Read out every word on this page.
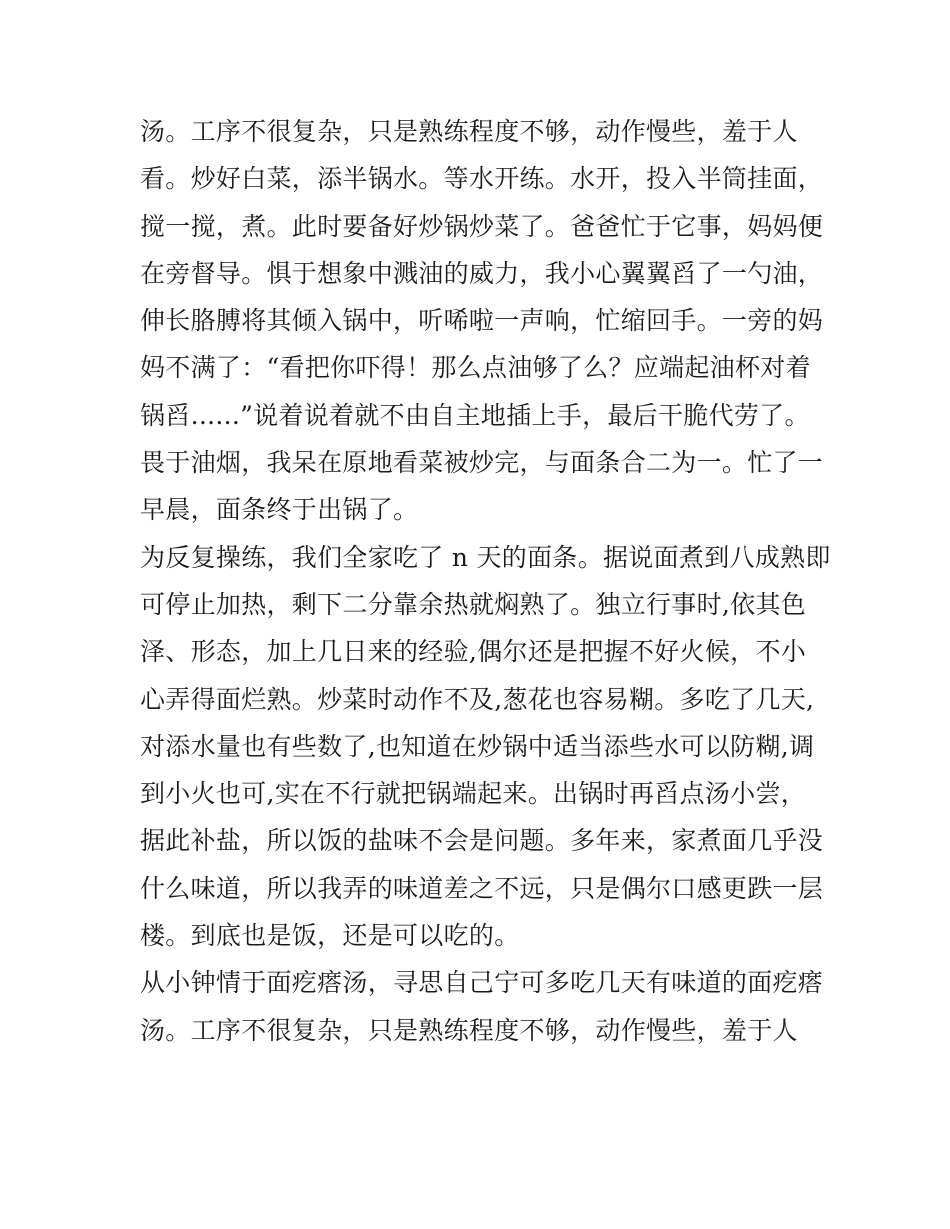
汤。工序不很复杂，只是熟练程度不够，动作慢些，羞于人
看。炒好白菜，添半锅水。等水开练。水开，投入半筒挂面，
搅一搅，煮。此时要备好炒锅炒菜了。爸爸忙于它事，妈妈便
在旁督导。惧于想象中溅油的威力，我小心翼翼舀了一勺油，
伸长胳膊将其倾入锅中，听唏啦一声响，忙缩回手。一旁的妈
妈不满了：“看把你吓得！那么点油够了么？应端起油杯对着
锅舀......”说着说着就不由自主地插上手，最后干脆代劳了。
畏于油烟，我呆在原地看菜被炒完，与面条合二为一。忙了一
早晨，面条终于出锅了。
为反复操练，我们全家吃了 n 天的面条。据说面煮到八成熟即
可停止加热，剩下二分靠余热就焖熟了。独立行事时,依其色
泽、形态，加上几日来的经验,偶尔还是把握不好火候，不小
心弄得面烂熟。炒菜时动作不及,葱花也容易糊。多吃了几天,
对添水量也有些数了,也知道在炒锅中适当添些水可以防糊,调
到小火也可,实在不行就把锅端起来。出锅时再舀点汤小尝，
据此补盐，所以饭的盐味不会是问题。多年来，家煮面几乎没
什么味道，所以我弄的味道差之不远，只是偶尔口感更跌一层
楼。到底也是饭，还是可以吃的。
从小钟情于面疙瘩汤，寻思自己宁可多吃几天有味道的面疙瘩
汤。工序不很复杂，只是熟练程度不够，动作慢些，羞于人
